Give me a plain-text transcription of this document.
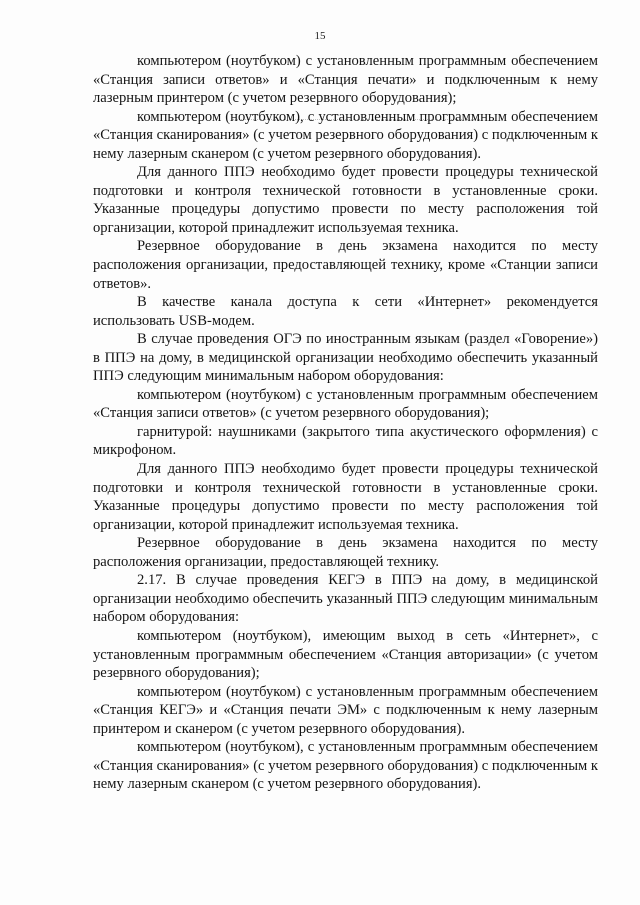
15

компьютером (ноутбуком) с установленным программным обеспечением «Станция записи ответов» и «Станция печати» и подключенным к нему лазерным принтером (с учетом резервного оборудования);

компьютером (ноутбуком), с установленным программным обеспечением «Станция сканирования» (с учетом резервного оборудования) с подключенным к нему лазерным сканером (с учетом резервного оборудования).

Для данного ППЭ необходимо будет провести процедуры технической подготовки и контроля технической готовности в установленные сроки. Указанные процедуры допустимо провести по месту расположения той организации, которой принадлежит используемая техника.

Резервное оборудование в день экзамена находится по месту расположения организации, предоставляющей технику, кроме «Станции записи ответов».

В качестве канала доступа к сети «Интернет» рекомендуется использовать USB-модем.

В случае проведения ОГЭ по иностранным языкам (раздел «Говорение») в ППЭ на дому, в медицинской организации необходимо обеспечить указанный ППЭ следующим минимальным набором оборудования:

компьютером (ноутбуком) с установленным программным обеспечением «Станция записи ответов» (с учетом резервного оборудования);

гарнитурой: наушниками (закрытого типа акустического оформления) с микрофоном.

Для данного ППЭ необходимо будет провести процедуры технической подготовки и контроля технической готовности в установленные сроки. Указанные процедуры допустимо провести по месту расположения той организации, которой принадлежит используемая техника.

Резервное оборудование в день экзамена находится по месту расположения организации, предоставляющей технику.

2.17. В случае проведения КЕГЭ в ППЭ на дому, в медицинской организации необходимо обеспечить указанный ППЭ следующим минимальным набором оборудования:

компьютером (ноутбуком), имеющим выход в сеть «Интернет», с установленным программным обеспечением «Станция авторизации» (с учетом резервного оборудования);

компьютером (ноутбуком) с установленным программным обеспечением «Станция КЕГЭ» и «Станция печати ЭМ» с подключенным к нему лазерным принтером и сканером (с учетом резервного оборудования).

компьютером (ноутбуком), с установленным программным обеспечением «Станция сканирования» (с учетом резервного оборудования) с подключенным к нему лазерным сканером (с учетом резервного оборудования).
